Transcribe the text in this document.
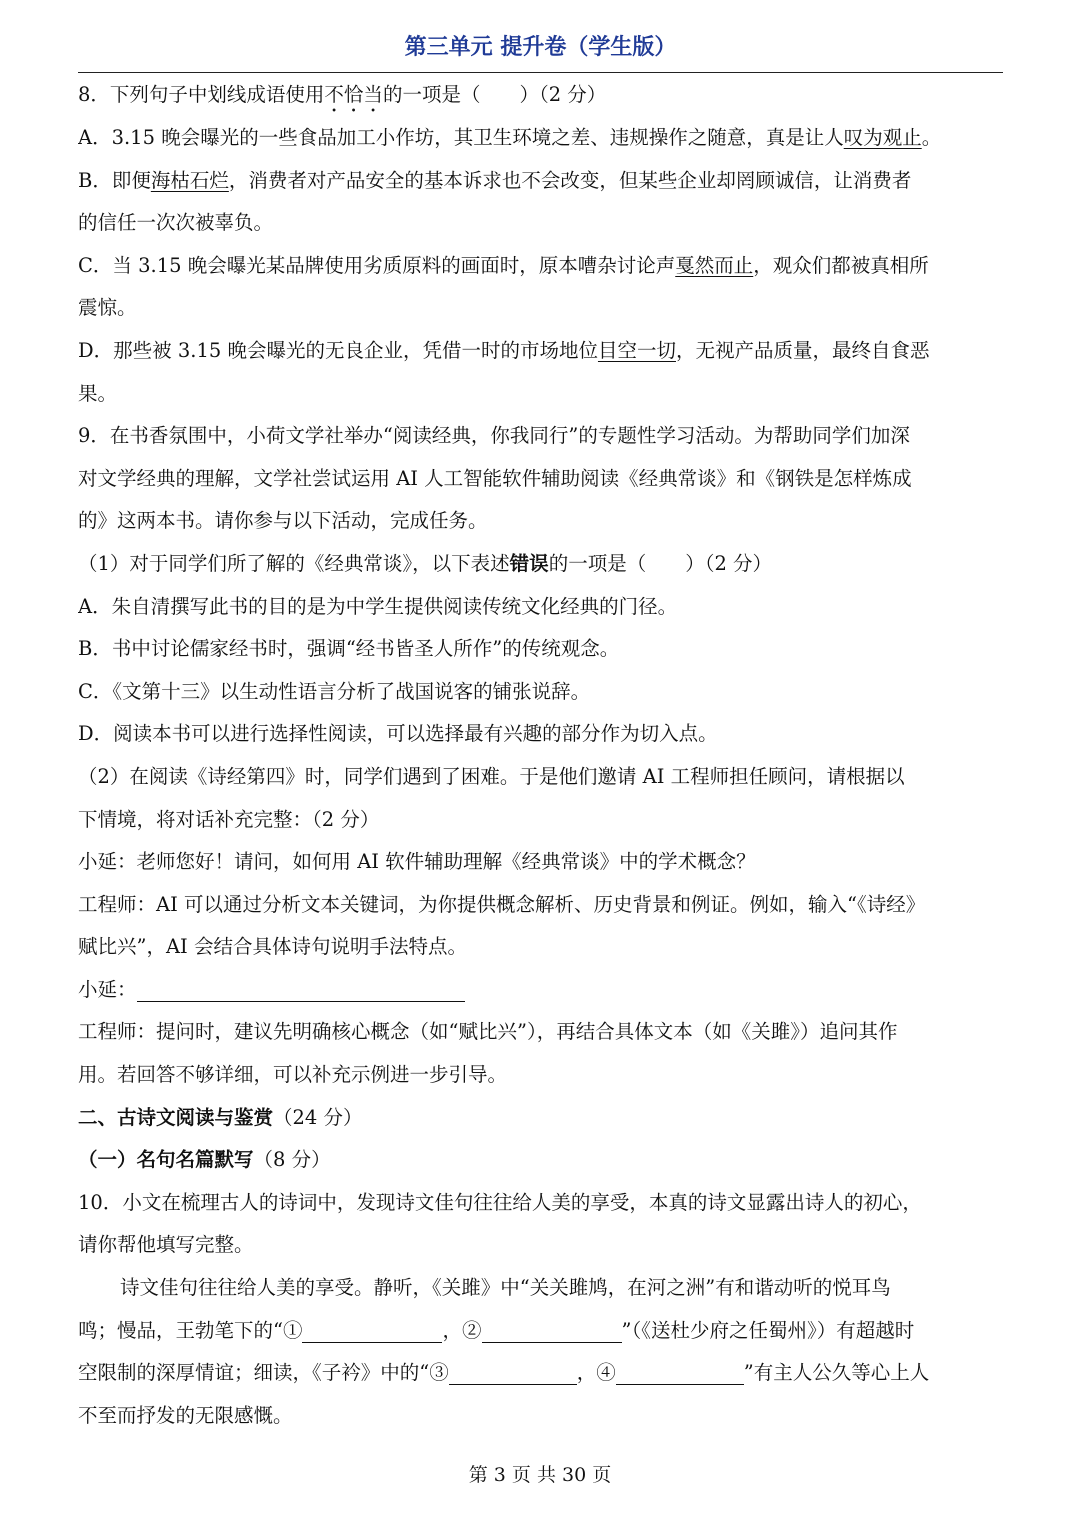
第三单元 提升卷（学生版）
8．下列句子中划线成语使用不恰当的一项是（　　）（2 分）
A．3.15 晚会曝光的一些食品加工小作坊，其卫生环境之差、违规操作之随意，真是让人叹为观止。
B．即便海枯石烂，消费者对产品安全的基本诉求也不会改变，但某些企业却罔顾诚信，让消费者
的信任一次次被辜负。
C．当 3.15 晚会曝光某品牌使用劣质原料的画面时，原本嘈杂讨论声戛然而止，观众们都被真相所
震惊。
D．那些被 3.15 晚会曝光的无良企业，凭借一时的市场地位目空一切，无视产品质量，最终自食恶
果。
9．在书香氛围中，小荷文学社举办“阅读经典，你我同行”的专题性学习活动。为帮助同学们加深
对文学经典的理解，文学社尝试运用 AI 人工智能软件辅助阅读《经典常谈》和《钢铁是怎样炼成
的》这两本书。请你参与以下活动，完成任务。
（1）对于同学们所了解的《经典常谈》，以下表述错误的一项是（　　）（2 分）
A．朱自清撰写此书的目的是为中学生提供阅读传统文化经典的门径。
B．书中讨论儒家经书时，强调“经书皆圣人所作”的传统观念。
C．《文第十三》以生动性语言分析了战国说客的铺张说辞。
D．阅读本书可以进行选择性阅读，可以选择最有兴趣的部分作为切入点。
（2）在阅读《诗经第四》时，同学们遇到了困难。于是他们邀请 AI 工程师担任顾问，请根据以
下情境，将对话补充完整：（2 分）
小延：老师您好！请问，如何用 AI 软件辅助理解《经典常谈》中的学术概念？
工程师：AI 可以通过分析文本关键词，为你提供概念解析、历史背景和例证。例如，输入“《诗经》
赋比兴”，AI 会结合具体诗句说明手法特点。
小延：
工程师：提问时，建议先明确核心概念（如“赋比兴”），再结合具体文本（如《关雎》）追问其作
用。若回答不够详细，可以补充示例进一步引导。
二、古诗文阅读与鉴赏（24 分）
（一）名句名篇默写（8 分）
10．小文在梳理古人的诗词中，发现诗文佳句往往给人美的享受，本真的诗文显露出诗人的初心，
请你帮他填写完整。
诗文佳句往往给人美的享受。静听，《关雎》中“关关雎鸠，在河之洲”有和谐动听的悦耳鸟
鸣；慢品，王勃笔下的“①	，②	”（《送杜少府之任蜀州》）有超越时
空限制的深厚情谊；细读，《子衿》中的“③	，④	”有主人公久等心上人
不至而抒发的无限感慨。
第 3 页 共 30 页
